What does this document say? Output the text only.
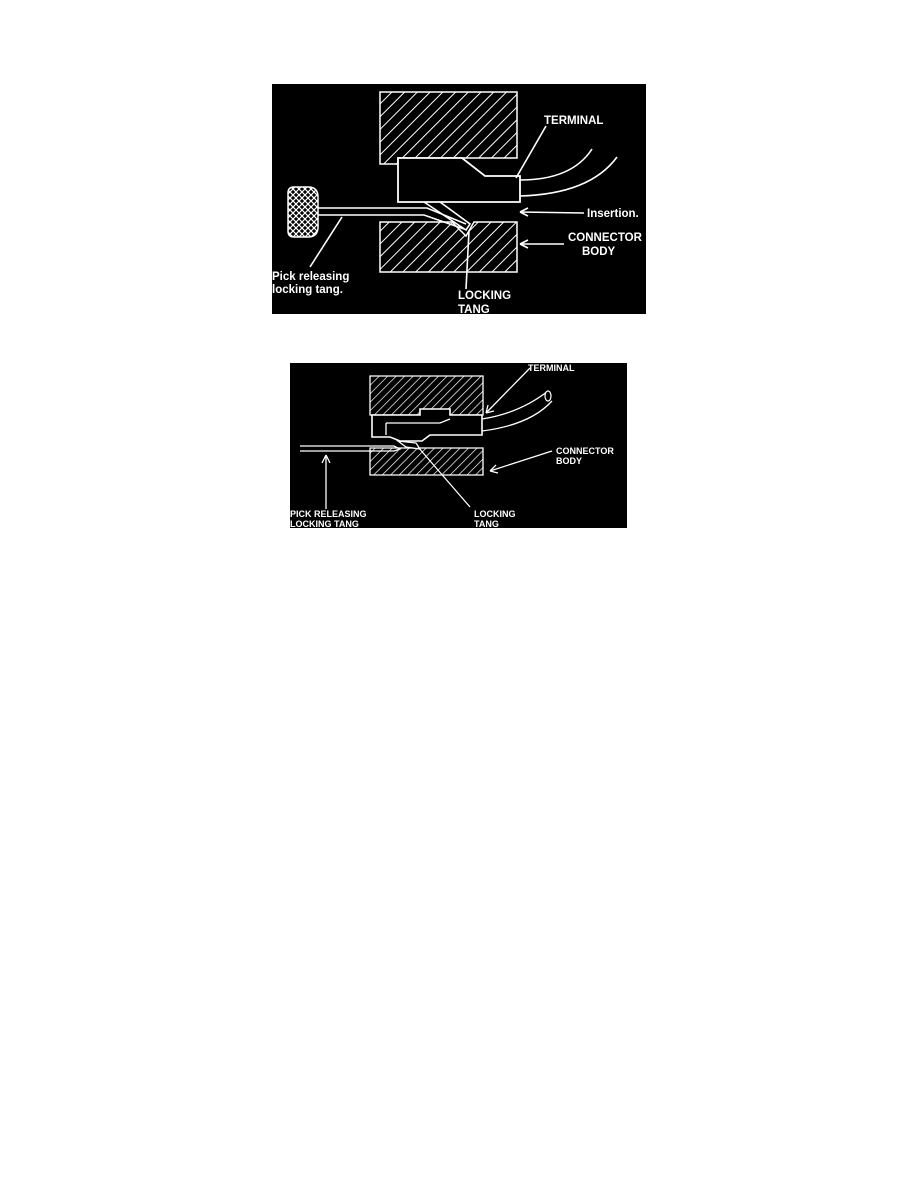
TERMINAL
Insertion.
CONNECTOR
BODY
Pick releasing
locking tang.	LOCKING
TANG
TERMINAL
CONNECTOR
BODY
PICK RELEASING
LOCKING TANG
LOCKING
TANG
